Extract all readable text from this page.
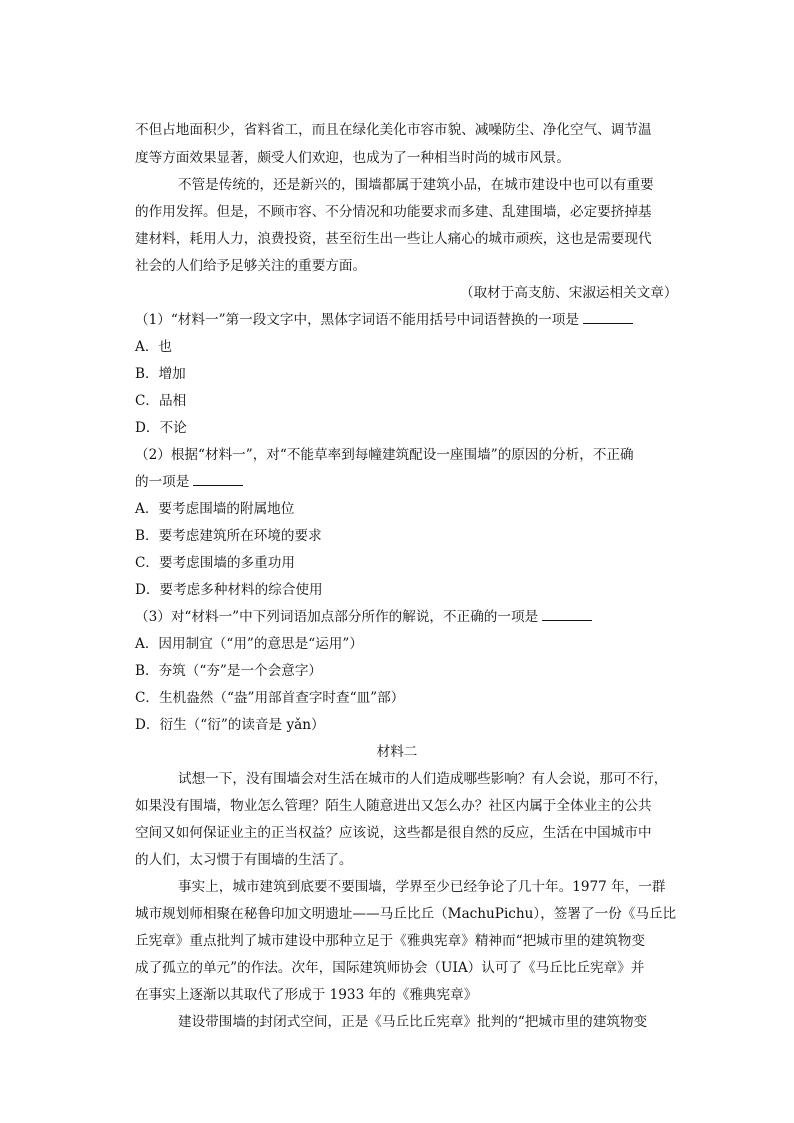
不但占地面积少，省料省工，而且在绿化美化市容市貌、减噪防尘、净化空气、调节温
度等方面效果显著，颇受人们欢迎，也成为了一种相当时尚的城市风景。
不管是传统的，还是新兴的，围墙都属于建筑小品，在城市建设中也可以有重要
的作用发挥。但是，不顾市容、不分情况和功能要求而多建、乱建围墙，必定要挤掉基
建材料，耗用人力，浪费投资，甚至衍生出一些让人痛心的城市顽疾，这也是需要现代
社会的人们给予足够关注的重要方面。
（取材于高支舫、宋淑运相关文章）
（1）“材料一”第一段文字中，黑体字词语不能用括号中词语替换的一项是
A．也
B．增加
C．品相
D．不论
（2）根据“材料一”，对“不能草率到每幢建筑配设一座围墙”的原因的分析，不正确
的一项是
A．要考虑围墙的附属地位
B．要考虑建筑所在环境的要求
C．要考虑围墙的多重功用
D．要考虑多种材料的综合使用
（3）对“材料一”中下列词语加点部分所作的解说，不正确的一项是
A．因用制宜（“用”的意思是“运用”）
B．夯筑（“夯”是一个会意字）
C．生机盎然（“盎”用部首查字时查“皿”部）
D．衍生（“衍”的读音是 yǎn）
材料二
试想一下，没有围墙会对生活在城市的人们造成哪些影响？有人会说，那可不行，
如果没有围墙，物业怎么管理？陌生人随意进出又怎么办？社区内属于全体业主的公共
空间又如何保证业主的正当权益？应该说，这些都是很自然的反应，生活在中国城市中
的人们，太习惯于有围墙的生活了。
事实上，城市建筑到底要不要围墙，学界至少已经争论了几十年。1977 年，一群
城市规划师相聚在秘鲁印加文明遗址——马丘比丘（MachuPichu），签署了一份《马丘比
丘宪章》重点批判了城市建设中那种立足于《雅典宪章》精神而“把城市里的建筑物变
成了孤立的单元”的作法。次年，国际建筑师协会（UIA）认可了《马丘比丘宪章》并
在事实上逐渐以其取代了形成于 1933 年的《雅典宪章》
建设带围墙的封闭式空间，正是《马丘比丘宪章》批判的“把城市里的建筑物变
